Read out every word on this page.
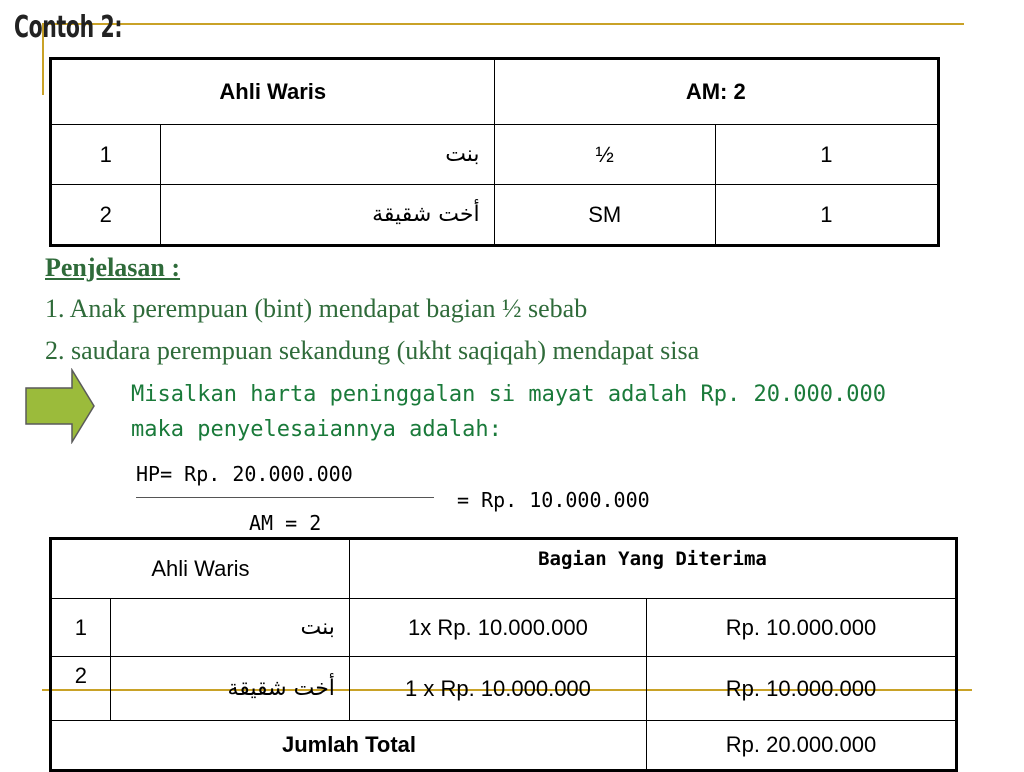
Contoh 2:
Ahli Waris		AM: 2	
1	بنت	½	1
2	أخت شقيقة	SM	1
Penjelasan :
1. Anak perempuan (bint) mendapat bagian ½ sebab
2. saudara perempuan sekandung (ukht saqiqah) mendapat sisa
Misalkan harta peninggalan si mayat adalah Rp. 20.000.000
maka penyelesaiannya adalah:
HP= Rp. 20.000.000
AM = 2
= Rp. 10.000.000
Ahli Waris		Bagian Yang Diterima	
1	بنت	1x Rp. 10.000.000	Rp. 10.000.000
2	أخت شقيقة	1 x Rp. 10.000.000	Rp. 10.000.000
Jumlah Total			Rp. 20.000.000
